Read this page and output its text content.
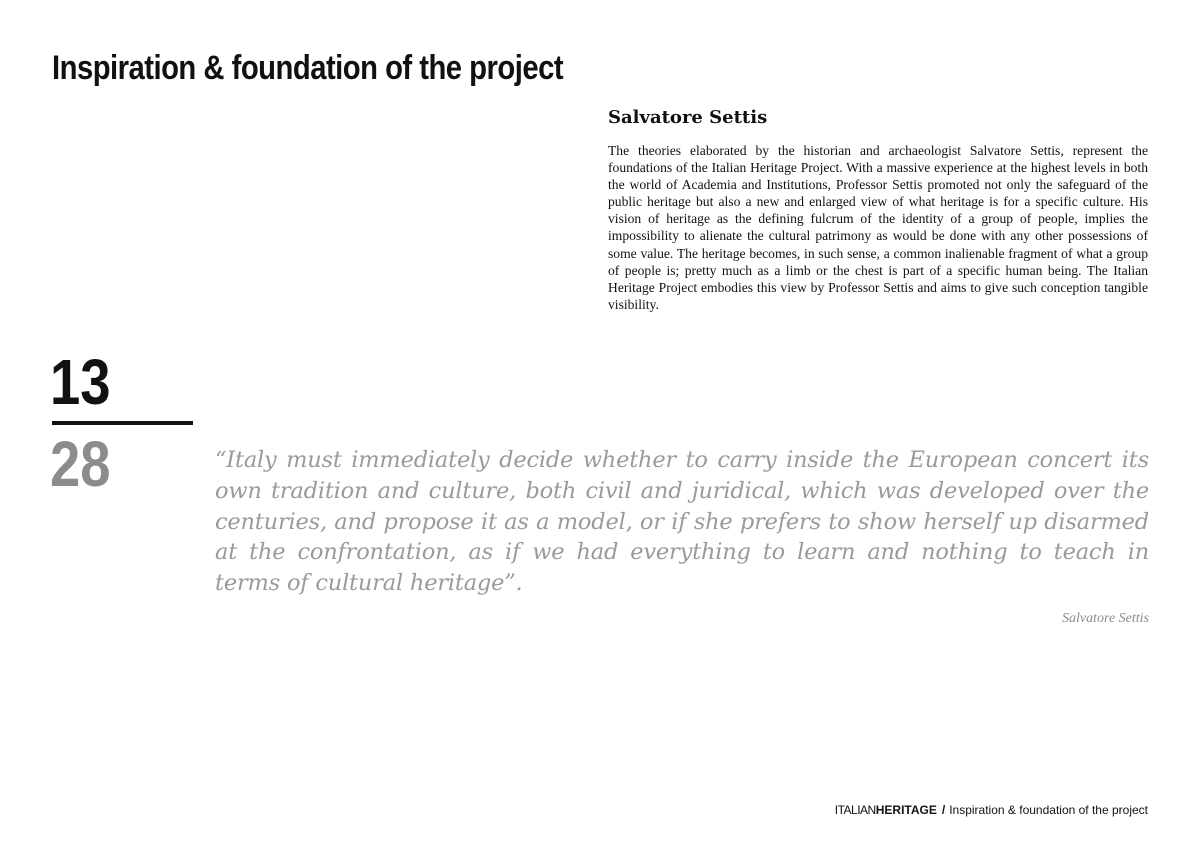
Inspiration & foundation of the project
Salvatore Settis

The theories elaborated by the historian and archaeologist Salvatore Settis, represent the foundations of the Italian Heritage Project. With a massive experience at the highest levels in both the world of Academia and Institutions, Professor Settis promoted not only the safeguard of the public heritage but also a new and enlarged view of what heritage is for a specific culture. His vision of heritage as the defining fulcrum of the identity of a group of people, implies the impossibility to alienate the cultural patrimony as would be done with any other possessions of some value. The heritage becomes, in such sense, a common inalienable fragment of what a group of people is; pretty much as a limb or the chest is part of a specific human being. The Italian Heritage Project embodies this view by Professor Settis and aims to give such conception tangible visibility.

13
28	“Italy must immediately decide whether to carry inside the European concert its own tradition and culture, both civil and juridical, which was developed over the centuries, and propose it as a model, or if she prefers to show herself up disarmed at the confrontation, as if we had everything to learn and nothing to teach in terms of cultural heritage”.

Salvatore Settis

ITALIANHERITAGE / Inspiration & foundation of the project
